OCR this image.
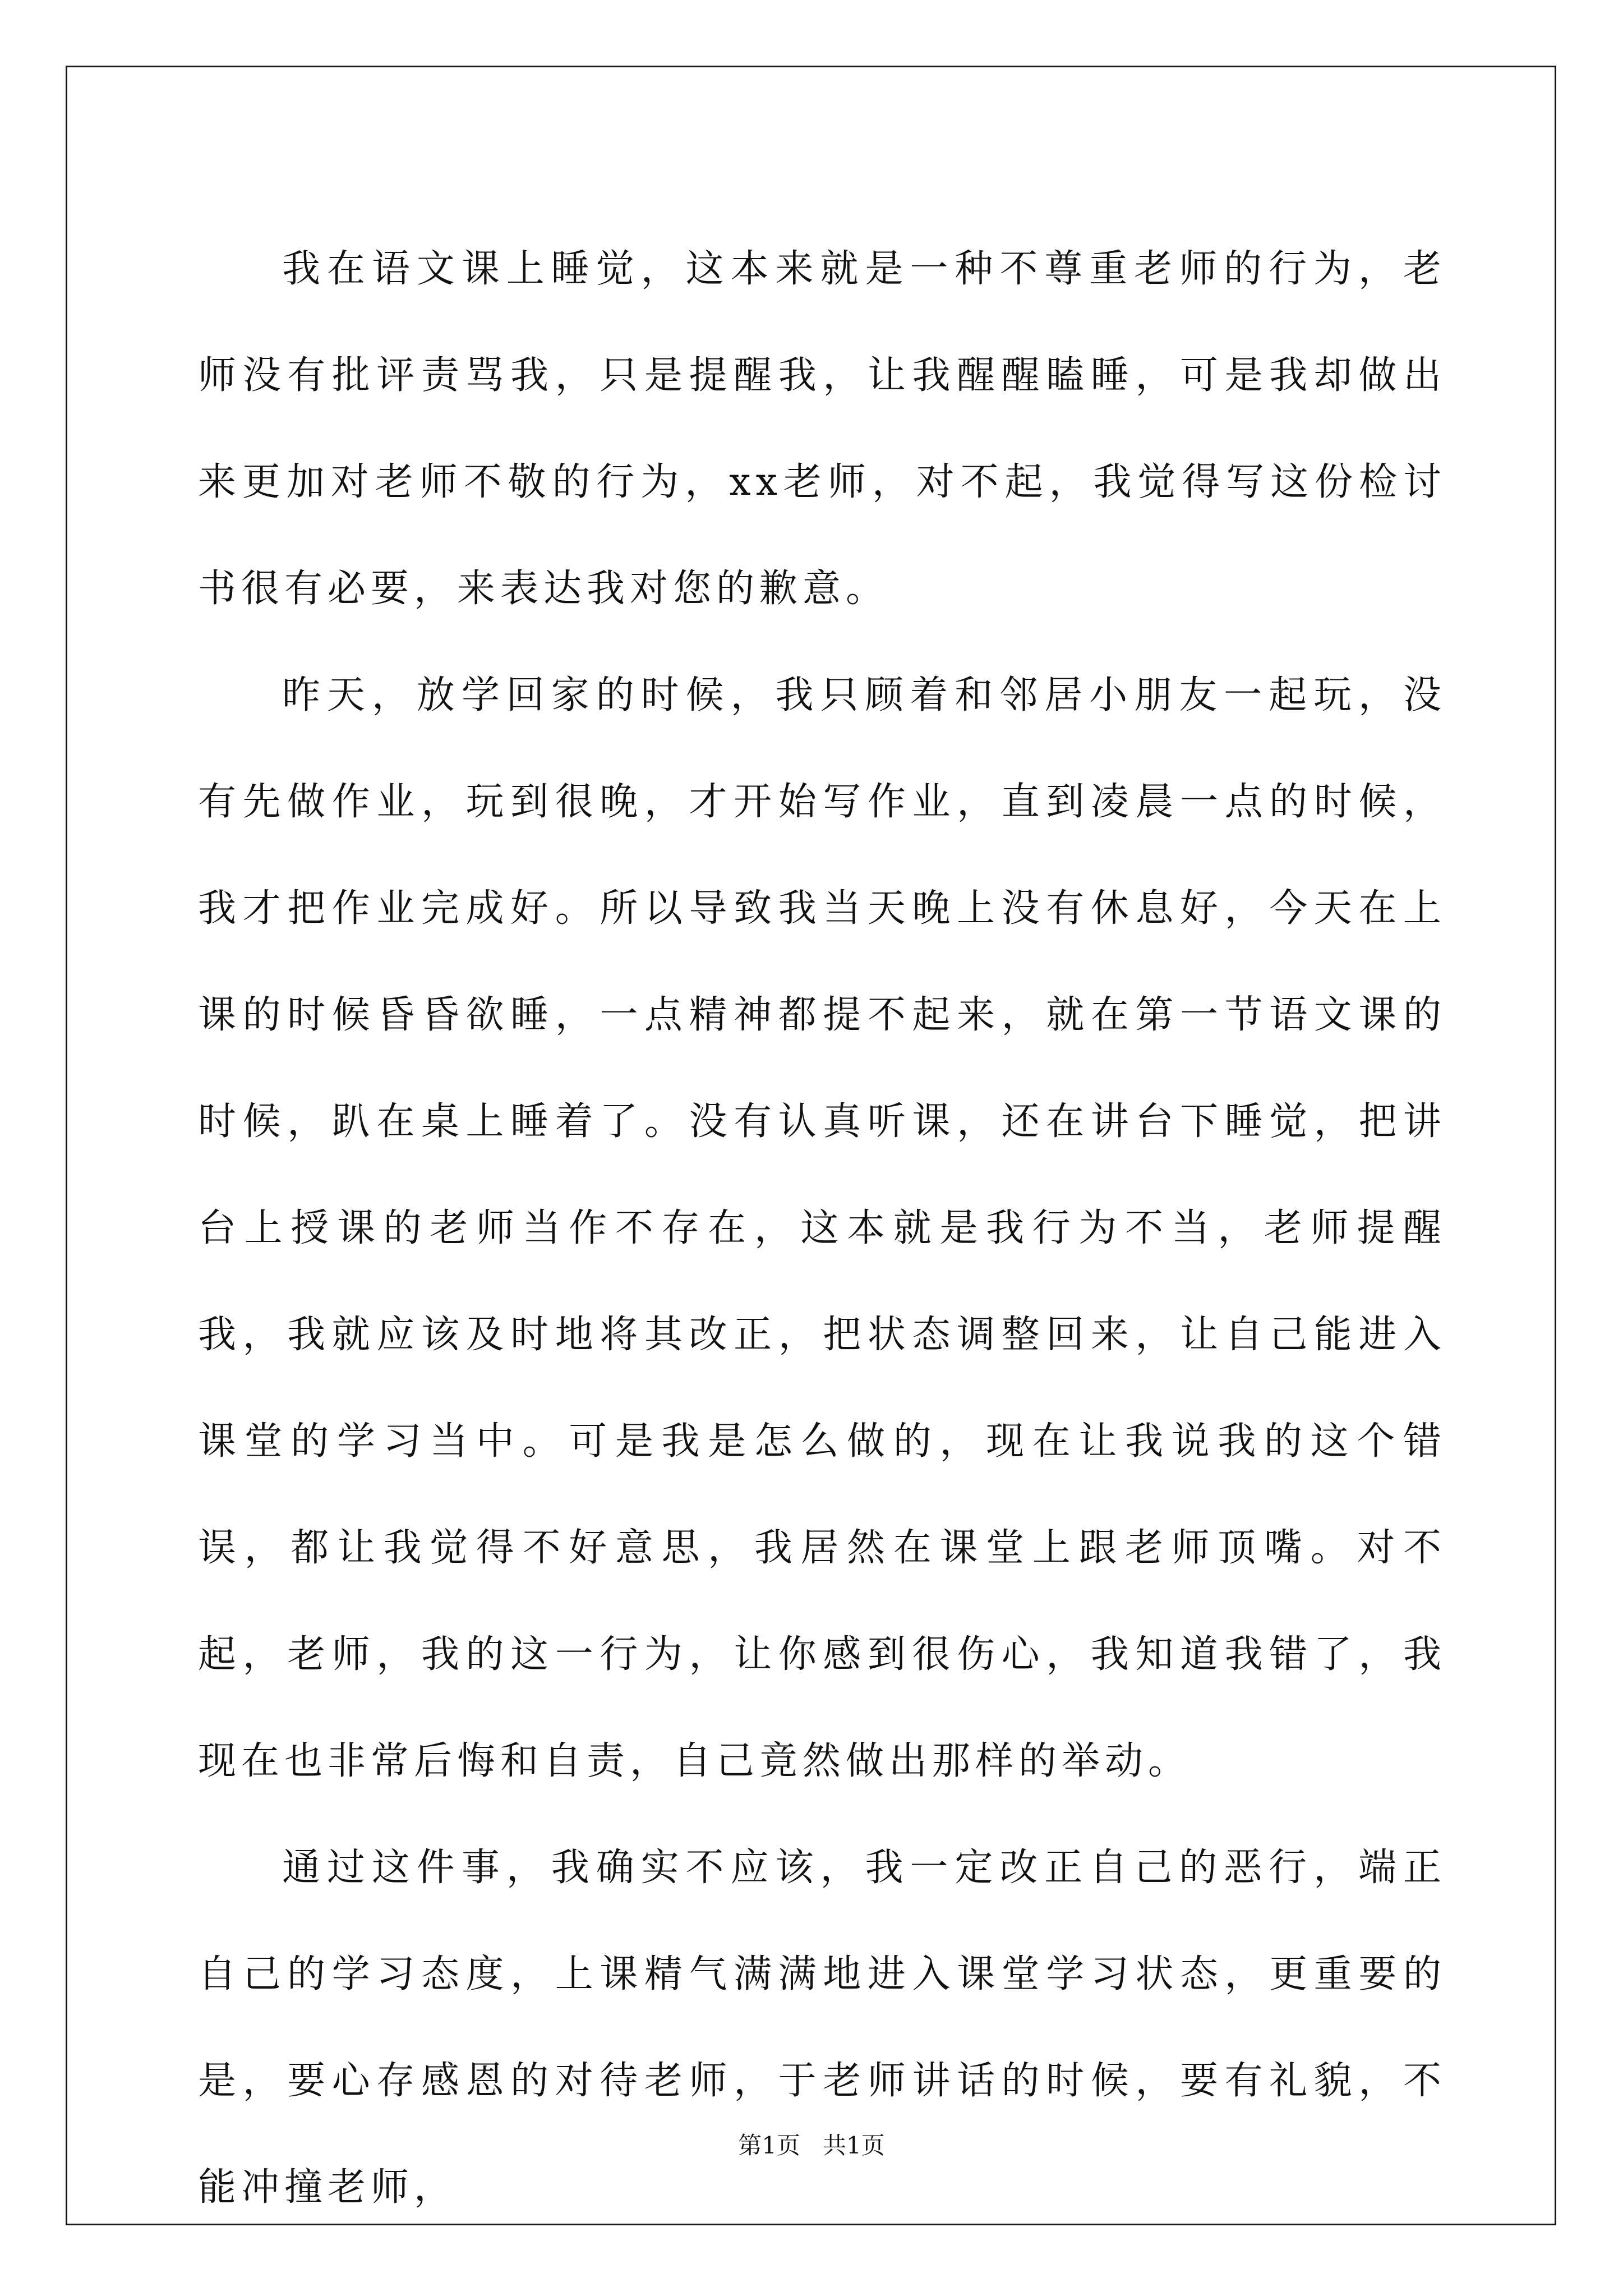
我在语文课上睡觉，这本来就是一种不尊重老师的行为，老师没有批评责骂我，只是提醒我，让我醒醒瞌睡，可是我却做出来更加对老师不敬的行为，xx老师，对不起，我觉得写这份检讨书很有必要，来表达我对您的歉意。

昨天，放学回家的时候，我只顾着和邻居小朋友一起玩，没有先做作业，玩到很晚，才开始写作业，直到凌晨一点的时候，我才把作业完成好。所以导致我当天晚上没有休息好，今天在上课的时候昏昏欲睡，一点精神都提不起来，就在第一节语文课的时候，趴在桌上睡着了。没有认真听课，还在讲台下睡觉，把讲台上授课的老师当作不存在，这本就是我行为不当，老师提醒我，我就应该及时地将其改正，把状态调整回来，让自己能进入课堂的学习当中。可是我是怎么做的，现在让我说我的这个错误，都让我觉得不好意思，我居然在课堂上跟老师顶嘴。对不起，老师，我的这一行为，让你感到很伤心，我知道我错了，我现在也非常后悔和自责，自己竟然做出那样的举动。

通过这件事，我确实不应该，我一定改正自己的恶行，端正自己的学习态度，上课精气满满地进入课堂学习状态，更重要的是，要心存感恩的对待老师，于老师讲话的时候，要有礼貌，不能冲撞老师，

第1页   共1页
